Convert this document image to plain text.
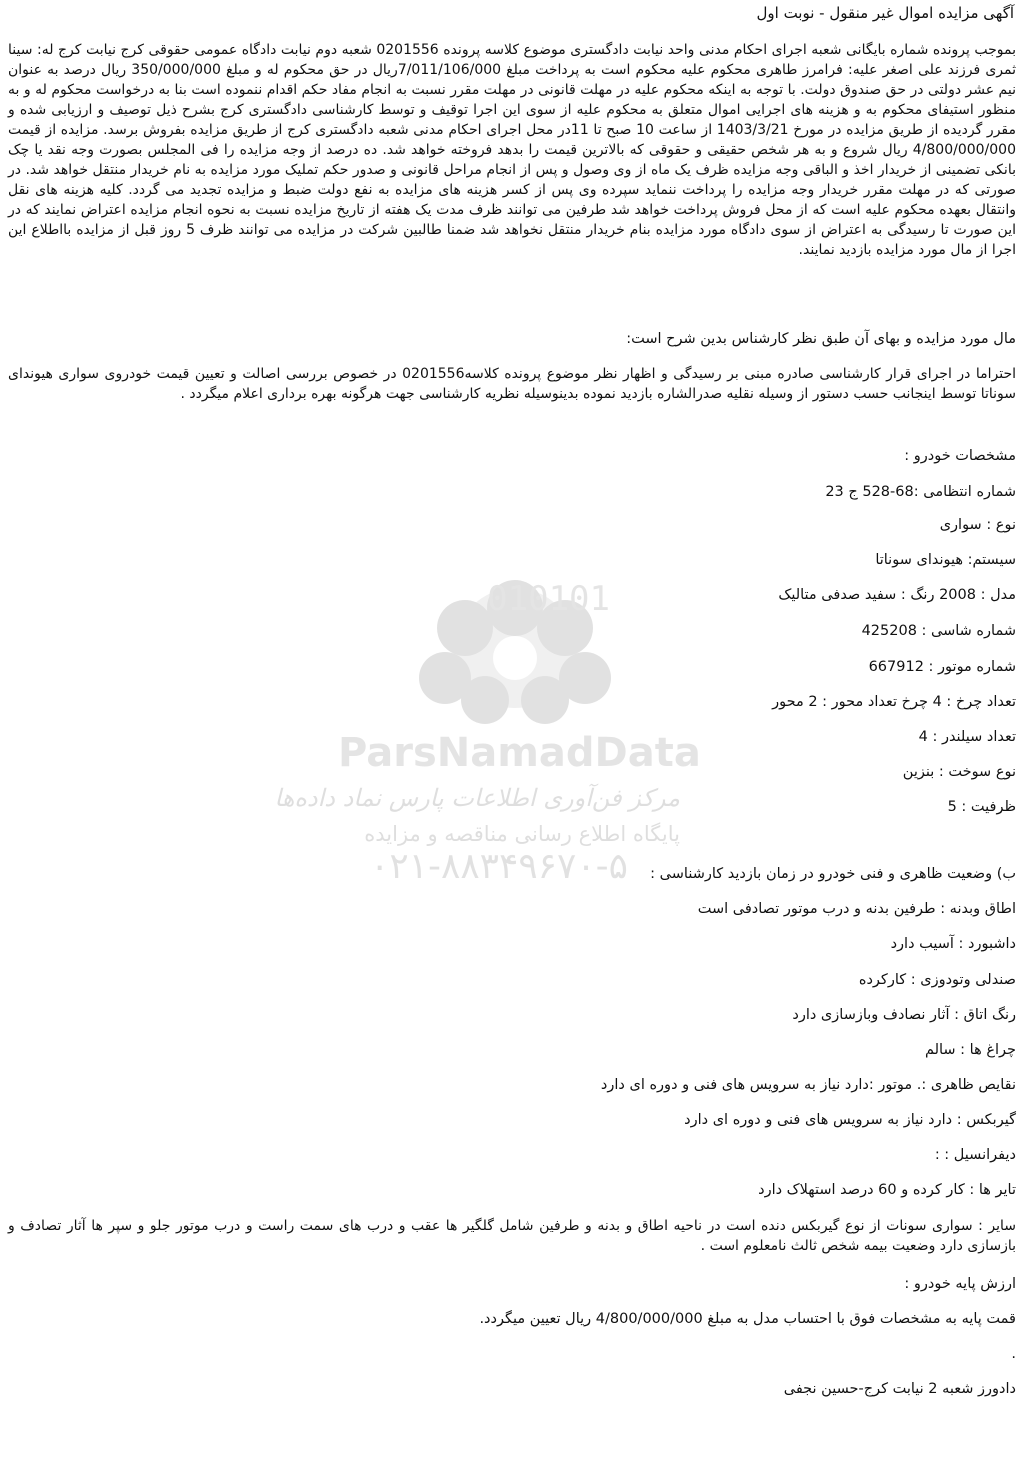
010101
ParsNamadData
مرکز فن‌آوری اطلاعات پارس نماد داده‌ها
پایگاه اطلاع رسانی مناقصه و مزایده
۰۲۱-۸۸۳۴۹۶۷۰-۵
آگهی مزایده اموال غیر منقول - نوبت اول
بموجب پرونده شماره بایگانی شعبه اجرای احکام مدنی واحد نیابت دادگستری موضوع کلاسه پرونده 0201556 شعبه دوم نیابت دادگاه عمومی حقوقی کرج نیابت کرج له: سینا ثمری فرزند علی اصغر علیه: فرامرز طاهری محکوم علیه محکوم است به پرداخت مبلغ 7/011/106/000ریال در حق محکوم له و مبلغ 350/000/000 ریال درصد به عنوان نیم عشر دولتی در حق صندوق دولت. با توجه به اینکه محکوم علیه در مهلت قانونی در مهلت مقرر نسبت به انجام مفاد حکم اقدام ننموده است بنا به درخواست محکوم له و به منظور استیفای محکوم به و هزینه های اجرایی اموال متعلق به محکوم علیه از سوی این اجرا توقیف و توسط کارشناسی دادگستری کرج بشرح ذیل توصیف و ارزیابی شده و مقرر گردیده از طریق مزایده در مورخ 1403/3/21 از ساعت 10 صبح تا 11در محل اجرای احکام مدنی شعبه دادگستری کرج از طریق مزایده بفروش برسد. مزایده از قیمت 4/800/000/000 ریال شروع و به هر شخص حقیقی و حقوقی که بالاترین قیمت را بدهد فروخته خواهد شد. ده درصد از وجه مزایده را فی المجلس بصورت وجه نقد یا چک بانکی تضمینی از خریدار اخذ و الباقی وجه مزایده ظرف یک ماه از وی وصول و پس از انجام مراحل قانونی و صدور حکم تملیک مورد مزایده به نام خریدار منتقل خواهد شد. در صورتی که در مهلت مقرر خریدار وجه مزایده را پرداخت ننماید سپرده وی پس از کسر هزینه های مزایده به نفع دولت ضبط و مزایده تجدید می گردد. کلیه هزینه های نقل وانتقال بعهده محکوم علیه است که از محل فروش پرداخت خواهد شد طرفین می توانند ظرف مدت یک هفته از تاریخ مزایده نسبت به نحوه انجام مزایده اعتراض نمایند که در این صورت تا رسیدگی به اعتراض از سوی دادگاه مورد مزایده بنام خریدار منتقل نخواهد شد ضمنا طالبین شرکت در مزایده می توانند ظرف 5 روز قبل از مزایده بااطلاع این اجرا از مال مورد مزایده بازدید نمایند.
مال مورد مزایده و بهای آن طبق نظر کارشناس بدین شرح است:
احتراما در اجرای قرار کارشناسی صادره مبنی بر رسیدگی و اظهار نظر موضوع پرونده کلاسه0201556 در خصوص بررسی اصالت و تعیین قیمت خودروی سواری هیوندای سوناتا توسط اینجانب حسب دستور از وسیله نقلیه صدرالشاره بازدید نموده بدینوسیله نظریه کارشناسی جهت هرگونه بهره برداری اعلام میگردد .
مشخصات خودرو :
شماره انتظامی :68-528 ج 23
نوع : سواری
سیستم: هیوندای سوناتا
مدل : 2008 رنگ : سفید صدفی متالیک
شماره شاسی : 425208
شماره موتور : 667912
تعداد چرخ : 4 چرخ تعداد محور : 2 محور
تعداد سیلندر : 4
نوع سوخت : بنزین
ظرفیت : 5
ب) وضعیت ظاهری و فنی خودرو در زمان بازدید کارشناسی :
اطاق وبدنه : طرفین بدنه و درب موتور تصادفی است
داشبورد : آسیب دارد
صندلی وتودوزی : کارکرده
رنگ اتاق : آثار نصادف وبازسازی دارد
چراغ ها : سالم
نقایص ظاهری :. موتور :دارد نیاز به سرویس های فنی و دوره ای دارد
گیربکس : دارد نیاز به سرویس های فنی و دوره ای دارد
دیفرانسیل : :
تایر ها : کار کرده و 60 درصد استهلاک دارد
سایر : سواری سونات از نوع گیربکس دنده است در ناحیه اطاق و بدنه و طرفین شامل گلگیر ها عقب و درب های سمت راست و درب موتور جلو و سپر ها آثار تصادف و بازسازی دارد وضعیت بیمه شخص ثالث نامعلوم است .
ارزش پایه خودرو :
قمت پایه به مشخصات فوق با احتساب مدل به مبلغ 4/800/000/000 ریال تعیین میگردد.
.
دادورز شعبه 2 نیابت کرج-حسین نجفی
